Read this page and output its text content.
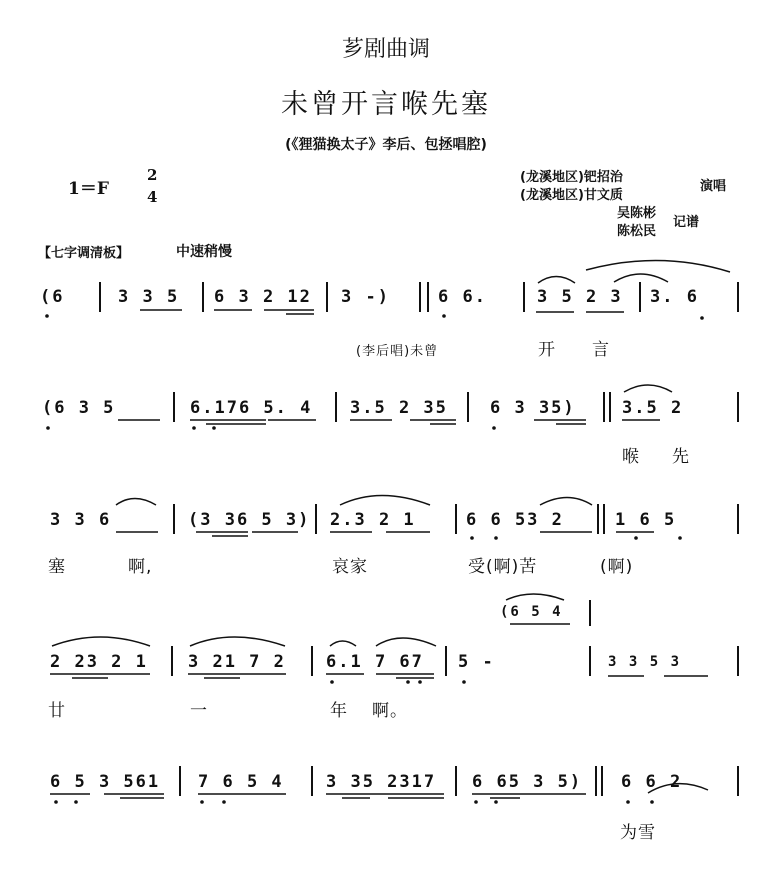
芗剧曲调
未曾开言喉先塞
(《狸猫换太子》李后、包拯唱腔)
1＝F
2
4
(龙溪地区)钯招治
(龙溪地区)甘文质
演唱
吴陈彬
陈松民
记谱
【七字调清板】	中速稍慢
(6	3 3 5 6 3 2 12 3 -)	6 6.	3 5 2 3 3. 6
(李后唱)未曾	开 言
(6 3 5	6.176 5. 4 3.5 2 35 6 3 35)	3.5 2
喉 先
3 3 6	(3 36 5 3) 2.3 2 1	6 6 53 2	1 6 5
塞	啊,	哀家	受(啊)苦	(啊)
2 23 2 1 3 21 7 2 6.1 7 67 5 -
(6 5 4
3 3 5 3
廿	一	年 啊。
6 5 3 561 7 6 5 4 3 35 2317 6 65 3 5) 6 6 2
为雪
